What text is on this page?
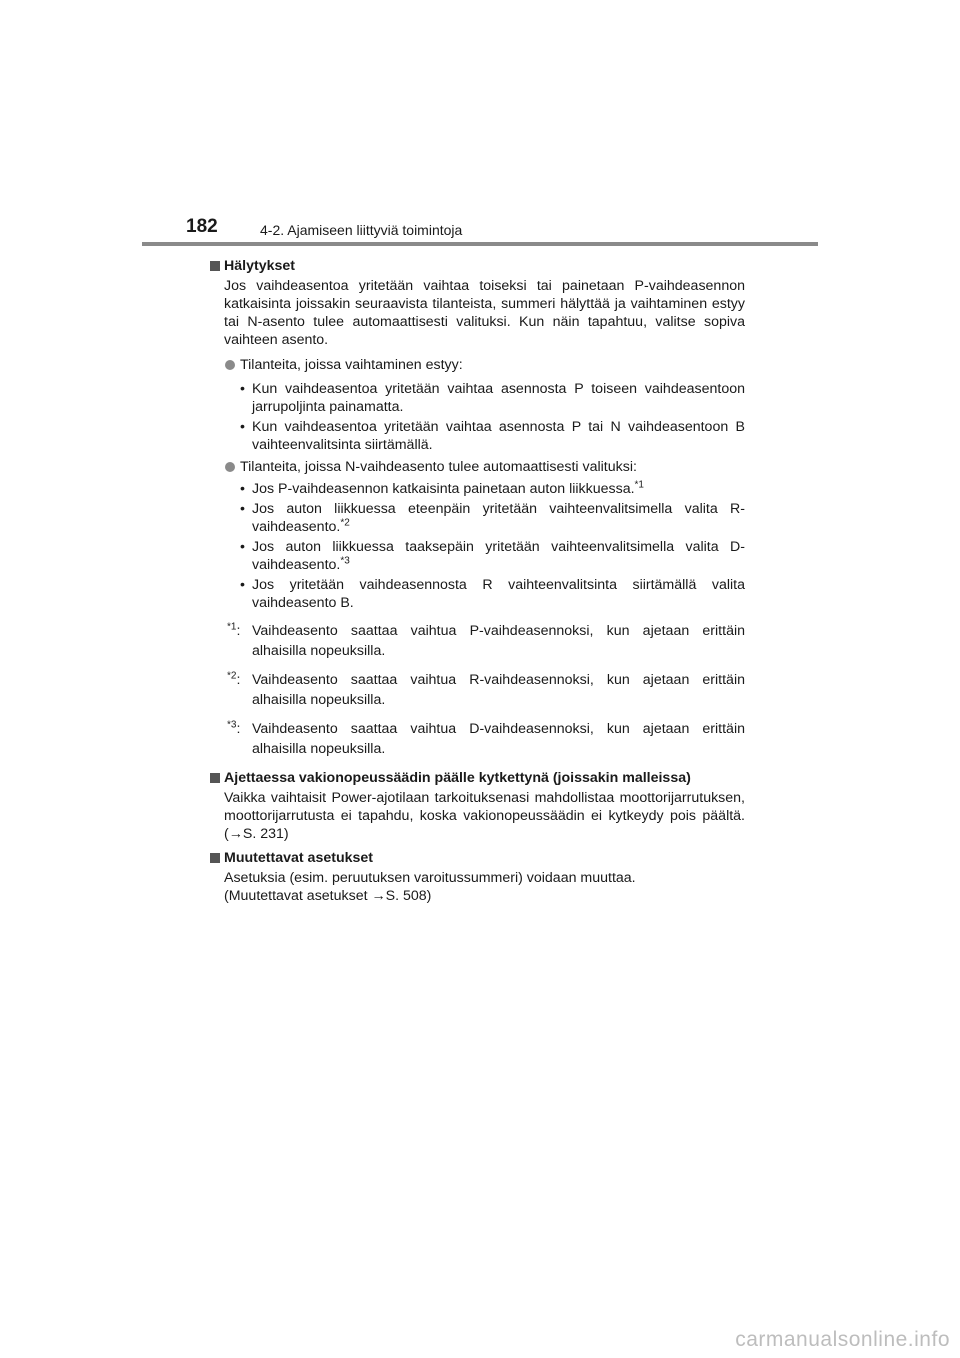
182	4-2. Ajamiseen liittyviä toimintoja
Hälytykset
Jos vaihdeasentoa yritetään vaihtaa toiseksi tai painetaan P-vaihdeasennon katkaisinta joissakin seuraavista tilanteista, summeri hälyttää ja vaihtaminen estyy tai N-asento tulee automaattisesti valituksi. Kun näin tapahtuu, valitse sopiva vaihteen asento.
Tilanteita, joissa vaihtaminen estyy:
• Kun vaihdeasentoa yritetään vaihtaa asennosta P toiseen vaihdeasentoon jarrupoljinta painamatta.
• Kun vaihdeasentoa yritetään vaihtaa asennosta P tai N vaihdeasentoon B vaihteenvalitsinta siirtämällä.
Tilanteita, joissa N-vaihdeasento tulee automaattisesti valituksi:
• Jos P-vaihdeasennon katkaisinta painetaan auton liikkuessa.$^{*1}$
• Jos auton liikkuessa eteenpäin yritetään vaihteenvalitsimella valita R-vaihdeasento.$^{*2}$
• Jos auton liikkuessa taaksepäin yritetään vaihteenvalitsimella valita D-vaihdeasento.$^{*3}$
• Jos yritetään vaihdeasennosta R vaihteenvalitsinta siirtämällä valita vaihdeasento B.
$^{*1}$: Vaihdeasento saattaa vaihtua P-vaihdeasennoksi, kun ajetaan erittäin alhaisilla nopeuksilla.
$^{*2}$: Vaihdeasento saattaa vaihtua R-vaihdeasennoksi, kun ajetaan erittäin alhaisilla nopeuksilla.
$^{*3}$: Vaihdeasento saattaa vaihtua D-vaihdeasennoksi, kun ajetaan erittäin alhaisilla nopeuksilla.
Ajettaessa vakionopeussäädin päälle kytkettynä (joissakin malleissa)
Vaikka vaihtaisit Power-ajotilaan tarkoituksenasi mahdollistaa moottorijarrutuksen, moottorijarrutusta ei tapahdu, koska vakionopeussäädin ei kytkeydy pois päältä. (→S. 231)
Muutettavat asetukset
Asetuksia (esim. peruutuksen varoitussummeri) voidaan muuttaa.
(Muutettavat asetukset →S. 508)
carmanualsonline.info
